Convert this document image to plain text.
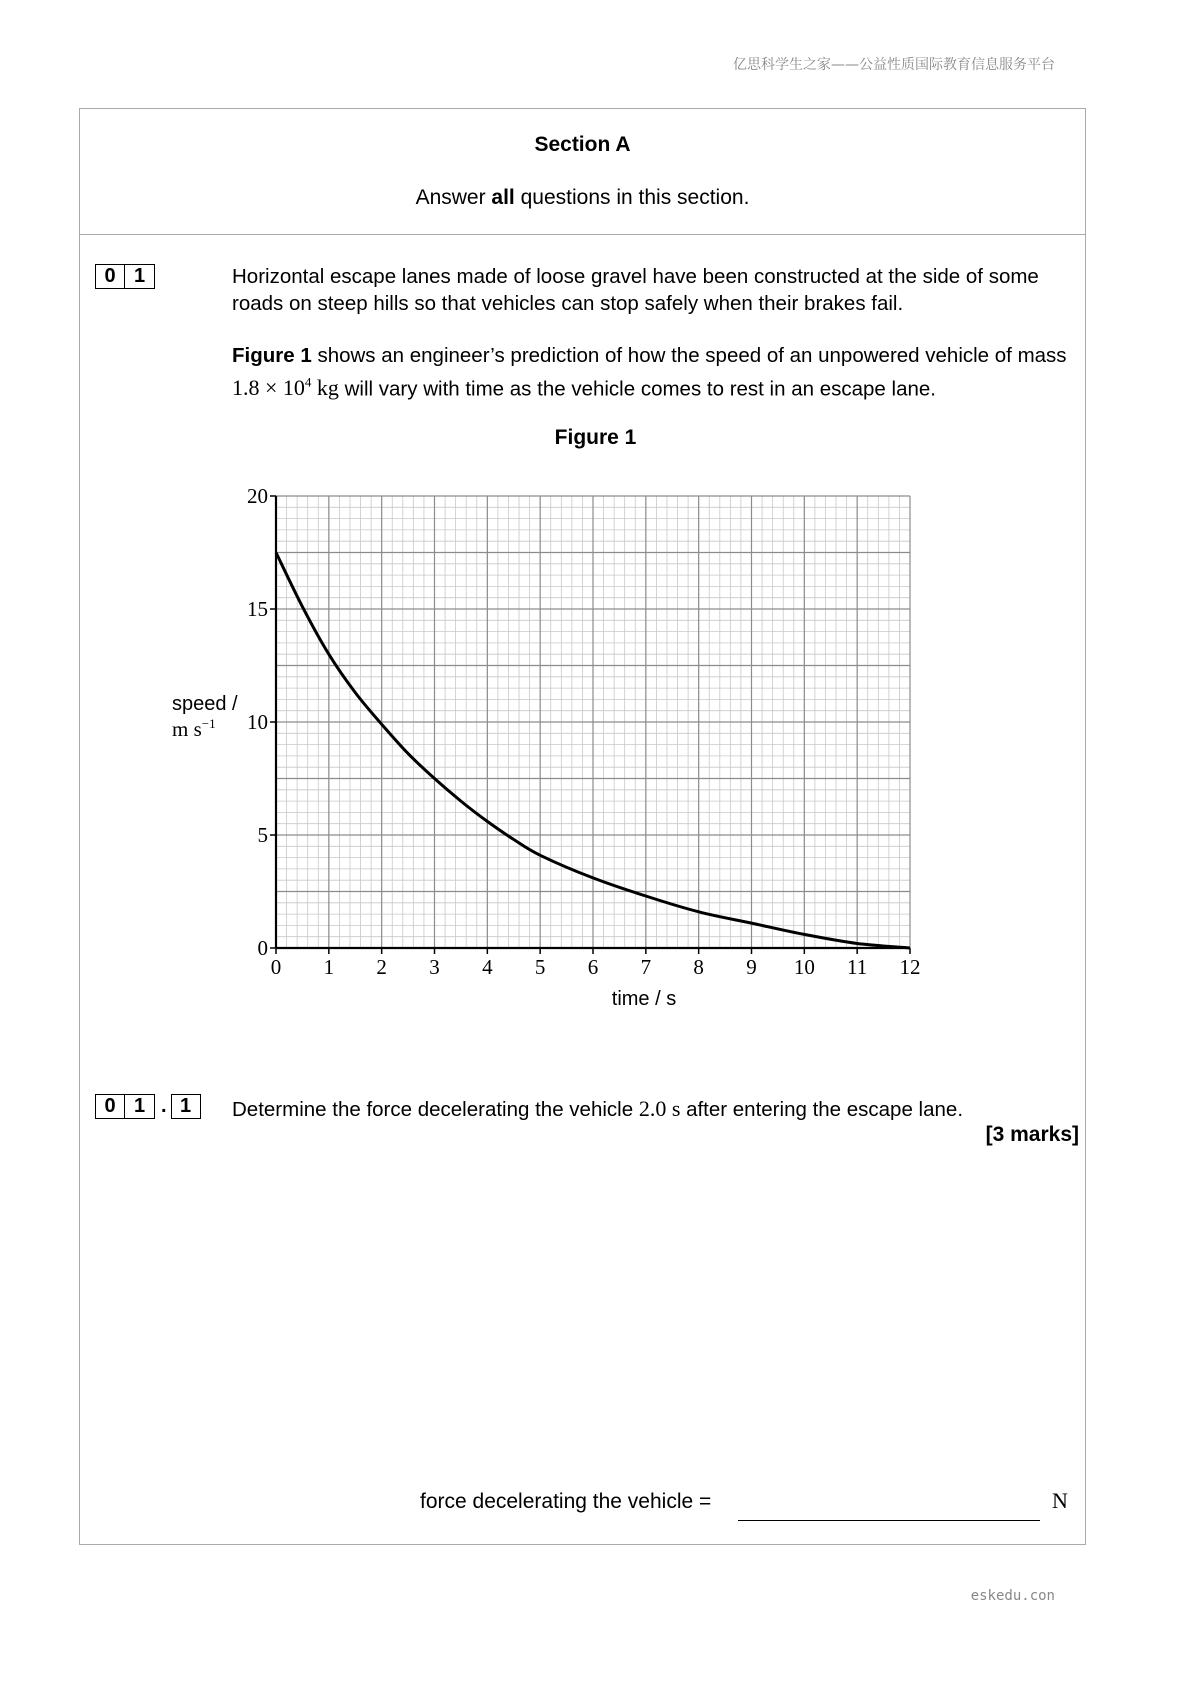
亿思科学生之家——公益性质国际教育信息服务平台
Section A
Answer all questions in this section.
0 1	Horizontal escape lanes made of loose gravel have been constructed at the side of some roads on steep hills so that vehicles can stop safely when their brakes fail.
Figure 1 shows an engineer’s prediction of how the speed of an unpowered vehicle of mass $1.8 \times 10^4$ kg will vary with time as the vehicle comes to rest in an escape lane.
Figure 1
0 1 2 3 4 5 6 7 8 9 10 11 12
0
5
10
15
20
speed /
m $s^{-1}$
time / s
0 1 . 1	Determine the force decelerating the vehicle 2.0 s after entering the escape lane.
[3 marks]
force decelerating the vehicle =	N
eskedu.con
